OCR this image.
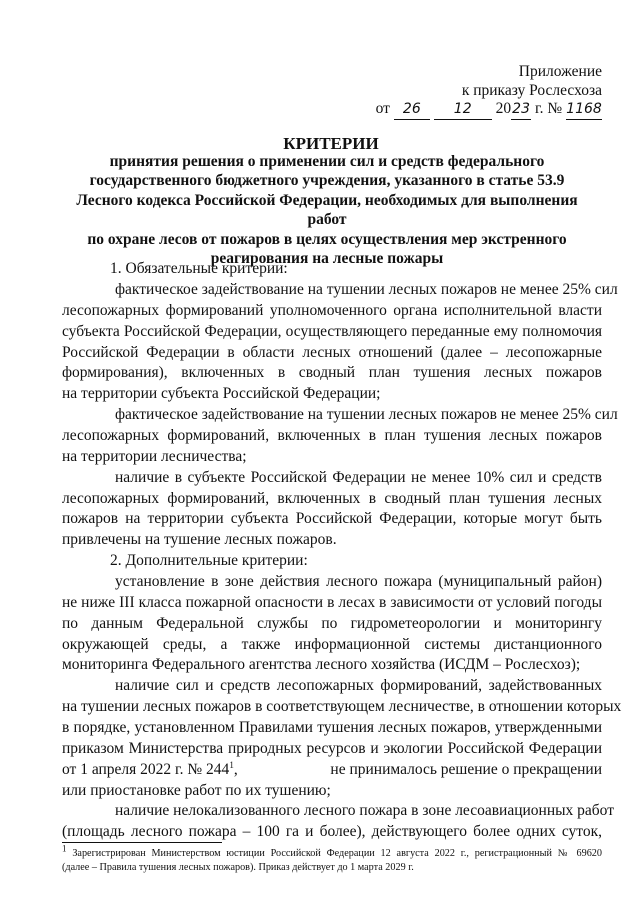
Приложение
к приказу Рослесхоза
от 26 12 2023 г. № 1168
КРИТЕРИИ
принятия решения о применении сил и средств федерального
государственного бюджетного учреждения, указанного в статье 53.9
Лесного кодекса Российской Федерации, необходимых для выполнения работ
по охране лесов от пожаров в целях осуществления мер экстренного
реагирования на лесные пожары
1. Обязательные критерии:
фактическое задействование на тушении лесных пожаров не менее 25% сил
лесопожарных формирований уполномоченного органа исполнительной власти
субъекта Российской Федерации, осуществляющего переданные ему полномочия
Российской Федерации в области лесных отношений (далее – лесопожарные
формирования), включенных в сводный план тушения лесных пожаров
на территории субъекта Российской Федерации;
фактическое задействование на тушении лесных пожаров не менее 25% сил
лесопожарных формирований, включенных в план тушения лесных пожаров
на территории лесничества;
наличие в субъекте Российской Федерации не менее 10% сил и средств
лесопожарных формирований, включенных в сводный план тушения лесных
пожаров на территории субъекта Российской Федерации, которые могут быть
привлечены на тушение лесных пожаров.
2. Дополнительные критерии:
установление в зоне действия лесного пожара (муниципальный район)
не ниже III класса пожарной опасности в лесах в зависимости от условий погоды
по данным Федеральной службы по гидрометеорологии и мониторингу
окружающей среды, а также информационной системы дистанционного
мониторинга Федерального агентства лесного хозяйства (ИСДМ – Рослесхоз);
наличие сил и средств лесопожарных формирований, задействованных
на тушении лесных пожаров в соответствующем лесничестве, в отношении которых
в порядке, установленном Правилами тушения лесных пожаров, утвержденными
приказом Министерства природных ресурсов и экологии Российской Федерации
от 1 апреля 2022 г. № $244^1$,	не принималось решение о прекращении
или приостановке работ по их тушению;
наличие нелокализованного лесного пожара в зоне лесоавиационных работ
(площадь лесного пожара – 100 га и более), действующего более одних суток,
$^1$ Зарегистрирован Министерством юстиции Российской Федерации 12 августа 2022 г., регистрационный № 69620
(далее – Правила тушения лесных пожаров). Приказ действует до 1 марта 2029 г.
